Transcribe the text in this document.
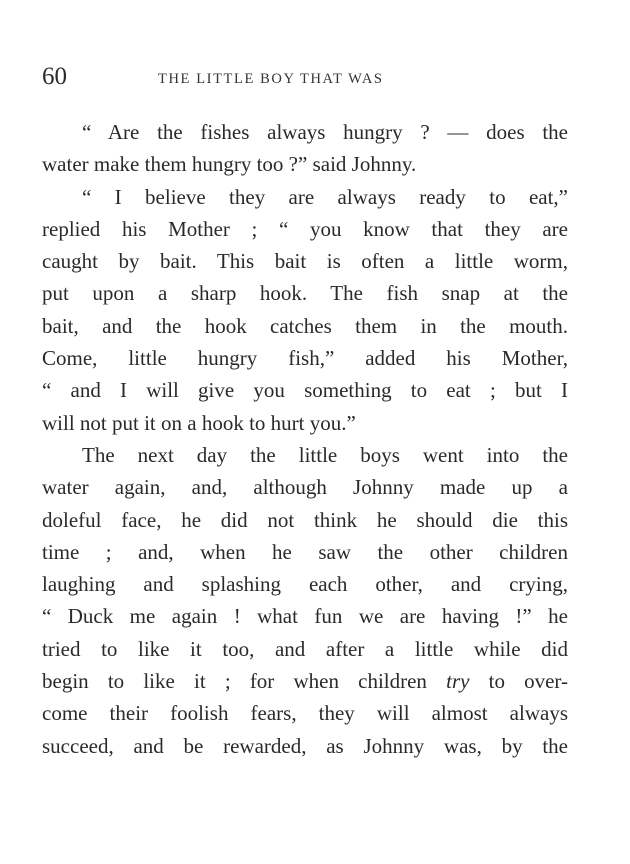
60	THE LITTLE BOY THAT WAS
“ Are the fishes always hungry ? — does the
water make them hungry too ?” said Johnny.
“ I believe they are always ready to eat,”
replied his Mother ; “ you know that they are
caught by bait. This bait is often a little worm,
put upon a sharp hook. The fish snap at the
bait, and the hook catches them in the mouth.
Come, little hungry fish,” added his Mother,
“ and I will give you something to eat ; but I
will not put it on a hook to hurt you.”
The next day the little boys went into the
water again, and, although Johnny made up a
doleful face, he did not think he should die this
time ; and, when he saw the other children
laughing and splashing each other, and crying,
“ Duck me again ! what fun we are having !” he
tried to like it too, and after a little while did
begin to like it ; for when children try to over-
come their foolish fears, they will almost always
succeed, and be rewarded, as Johnny was, by the
